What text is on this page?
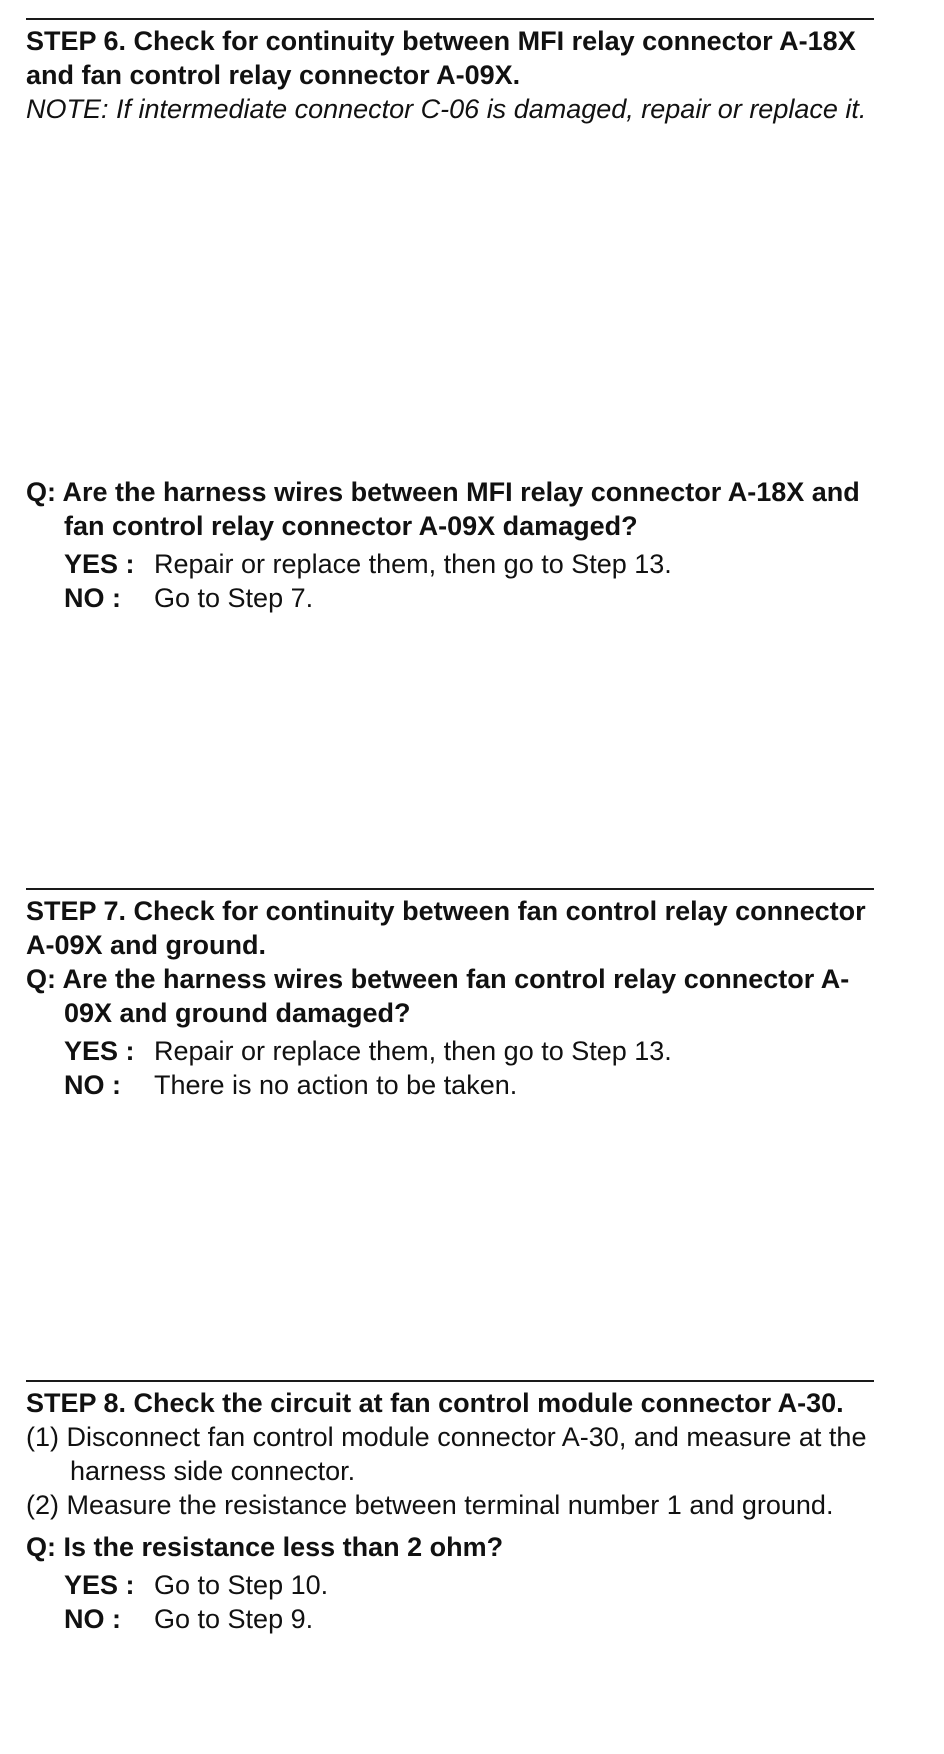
STEP 6. Check for continuity between MFI relay connector A-18X and fan control relay connector A-09X.
NOTE: If intermediate connector C-06 is damaged, repair or replace it.
Q: Are the harness wires between MFI relay connector A-18X and fan control relay connector A-09X damaged?
YES : Repair or replace them, then go to Step 13.
NO :	Go to Step 7.
STEP 7. Check for continuity between fan control relay connector A-09X and ground.
Q: Are the harness wires between fan control relay connector A-09X and ground damaged?
YES : Repair or replace them, then go to Step 13.
NO :	There is no action to be taken.
STEP 8. Check the circuit at fan control module connector A-30.
(1) Disconnect fan control module connector A-30, and measure at the harness side connector.
(2) Measure the resistance between terminal number 1 and ground.
Q: Is the resistance less than 2 ohm?
YES : Go to Step 10.
NO :	Go to Step 9.
